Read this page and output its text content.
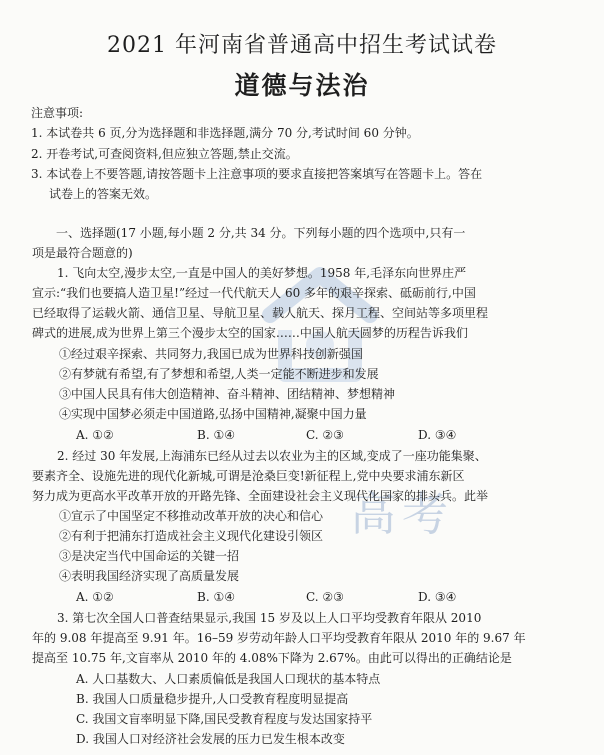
高考
2021 年河南省普通高中招生考试试卷
道德与法治
注意事项:
1. 本试卷共 6 页,分为选择题和非选择题,满分 70 分,考试时间 60 分钟。
2. 开卷考试,可查阅资料,但应独立答题,禁止交流。
3. 本试卷上不要答题,请按答题卡上注意事项的要求直接把答案填写在答题卡上。答在
试卷上的答案无效。
一、选择题(17 小题,每小题 2 分,共 34 分。下列每小题的四个选项中,只有一
项是最符合题意的)
1. 飞向太空,漫步太空,一直是中国人的美好梦想。1958 年,毛泽东向世界庄严
宣示:“我们也要搞人造卫星!”经过一代代航天人 60 多年的艰辛探索、砥砺前行,中国
已经取得了运载火箭、通信卫星、导航卫星、载人航天、探月工程、空间站等多项里程
碑式的进展,成为世界上第三个漫步太空的国家……中国人航天圆梦的历程告诉我们
①经过艰辛探索、共同努力,我国已成为世界科技创新强国
②有梦就有希望,有了梦想和希望,人类一定能不断进步和发展
③中国人民具有伟大创造精神、奋斗精神、团结精神、梦想精神
④实现中国梦必须走中国道路,弘扬中国精神,凝聚中国力量
A. ①②	B. ①④	C. ②③	D. ③④
2. 经过 30 年发展,上海浦东已经从过去以农业为主的区域,变成了一座功能集聚、
要素齐全、设施先进的现代化新城,可谓是沧桑巨变!新征程上,党中央要求浦东新区
努力成为更高水平改革开放的开路先锋、全面建设社会主义现代化国家的排头兵。此举
①宣示了中国坚定不移推动改革开放的决心和信心
②有利于把浦东打造成社会主义现代化建设引领区
③是决定当代中国命运的关键一招
④表明我国经济实现了高质量发展
A. ①②	B. ①④	C. ②③	D. ③④
3. 第七次全国人口普查结果显示,我国 15 岁及以上人口平均受教育年限从 2010
年的 9.08 年提高至 9.91 年。16–59 岁劳动年龄人口平均受教育年限从 2010 年的 9.67 年
提高至 10.75 年,文盲率从 2010 年的 4.08%下降为 2.67%。由此可以得出的正确结论是
A. 人口基数大、人口素质偏低是我国人口现状的基本特点
B. 我国人口质量稳步提升,人口受教育程度明显提高
C. 我国文盲率明显下降,国民受教育程度与发达国家持平
D. 我国人口对经济社会发展的压力已发生根本改变
